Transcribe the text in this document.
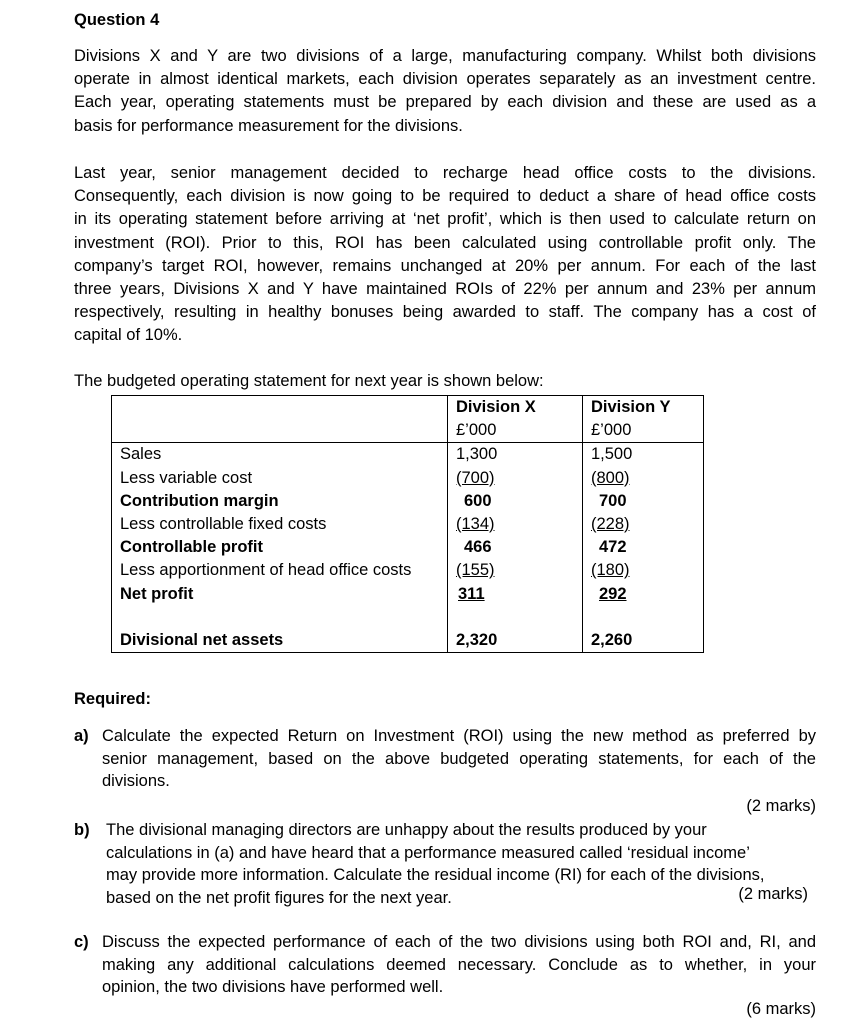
Question 4
Divisions X and Y are two divisions of a large, manufacturing company. Whilst both divisions
operate in almost identical markets, each division operates separately as an investment centre.
Each year, operating statements must be prepared by each division and these are used as a
basis for performance measurement for the divisions.
Last year, senior management decided to recharge head office costs to the divisions.
Consequently, each division is now going to be required to deduct a share of head office costs
in its operating statement before arriving at ‘net profit’, which is then used to calculate return on
investment (ROI). Prior to this, ROI has been calculated using controllable profit only. The
company’s target ROI, however, remains unchanged at 20% per annum. For each of the last
three years, Divisions X and Y have maintained ROIs of 22% per annum and 23% per annum
respectively, resulting in healthy bonuses being awarded to staff. The company has a cost of
capital of 10%.
The budgeted operating statement for next year is shown below:
	Division X	Division Y
	£’000	£’000
Sales	1,300	1,500
Less variable cost	(700)	(800)
Contribution margin	600	700
Less controllable fixed costs	(134)	(228)
Controllable profit	466	472
Less apportionment of head office costs	(155)	(180)
Net profit	311	292

Divisional net assets	2,320	2,260
Required:
a) Calculate the expected Return on Investment (ROI) using the new method as preferred by
senior management, based on the above budgeted operating statements, for each of the
divisions.
(2 marks)
b) The divisional managing directors are unhappy about the results produced by your
calculations in (a) and have heard that a performance measured called ‘residual income’
may provide more information. Calculate the residual income (RI) for each of the divisions,
based on the net profit figures for the next year.	(2 marks)
c) Discuss the expected performance of each of the two divisions using both ROI and, RI, and
making any additional calculations deemed necessary. Conclude as to whether, in your
opinion, the two divisions have performed well.
(6 marks)
